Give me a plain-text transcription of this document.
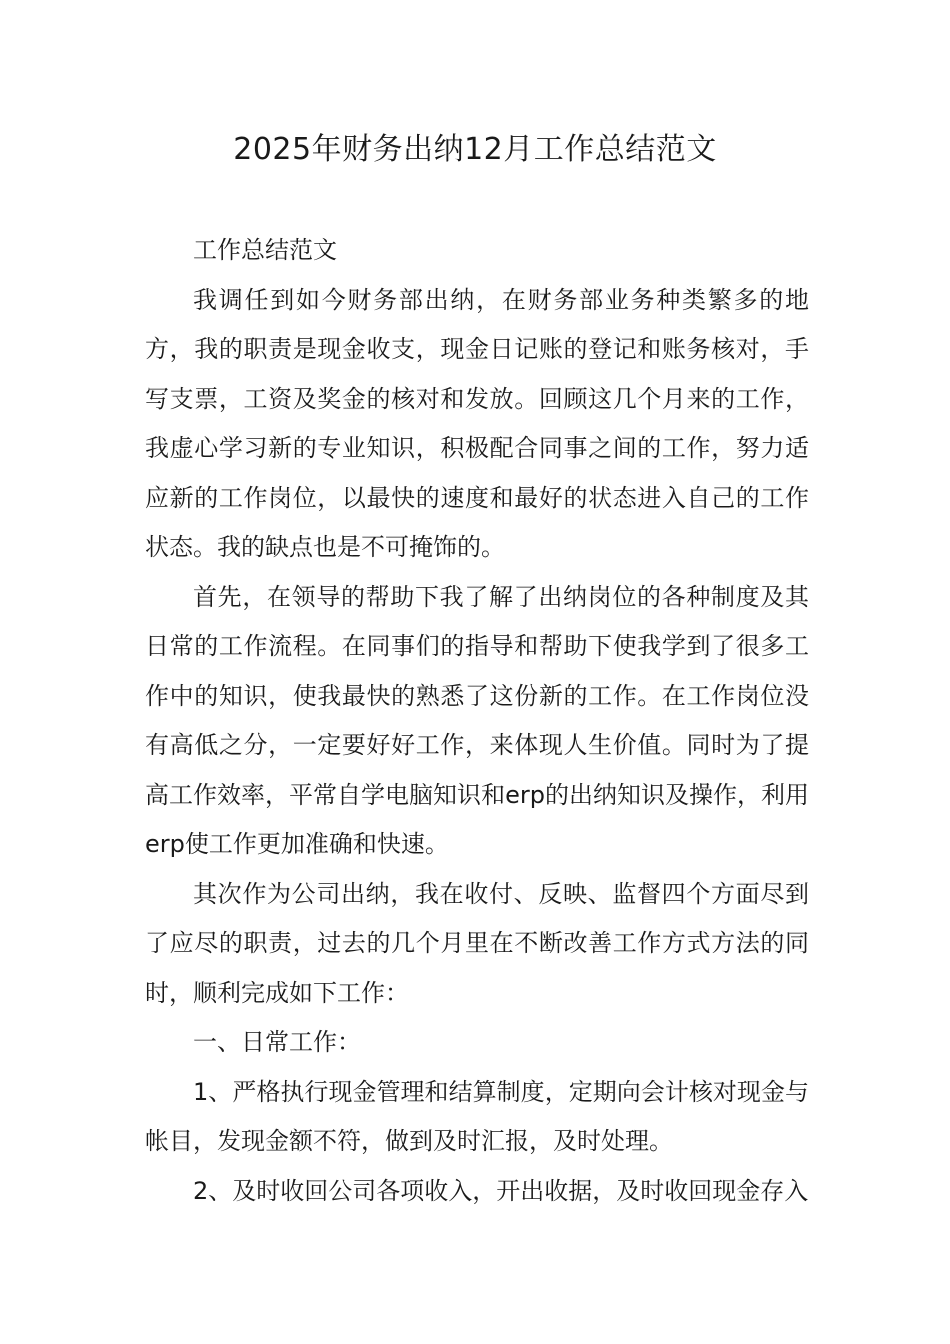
2025年财务出纳12月工作总结范文

工作总结范文

我调任到如今财务部出纳，在财务部业务种类繁多的地方，我的职责是现金收支，现金日记账的登记和账务核对，手写支票，工资及奖金的核对和发放。回顾这几个月来的工作，我虚心学习新的专业知识，积极配合同事之间的工作，努力适应新的工作岗位，以最快的速度和最好的状态进入自己的工作状态。我的缺点也是不可掩饰的。

首先，在领导的帮助下我了解了出纳岗位的各种制度及其日常的工作流程。在同事们的指导和帮助下使我学到了很多工作中的知识，使我最快的熟悉了这份新的工作。在工作岗位没有高低之分，一定要好好工作，来体现人生价值。同时为了提高工作效率，平常自学电脑知识和erp的出纳知识及操作，利用erp使工作更加准确和快速。

其次作为公司出纳，我在收付、反映、监督四个方面尽到了应尽的职责，过去的几个月里在不断改善工作方式方法的同时，顺利完成如下工作：

一、日常工作：

1、严格执行现金管理和结算制度，定期向会计核对现金与帐目，发现金额不符，做到及时汇报，及时处理。

2、及时收回公司各项收入，开出收据，及时收回现金存入
